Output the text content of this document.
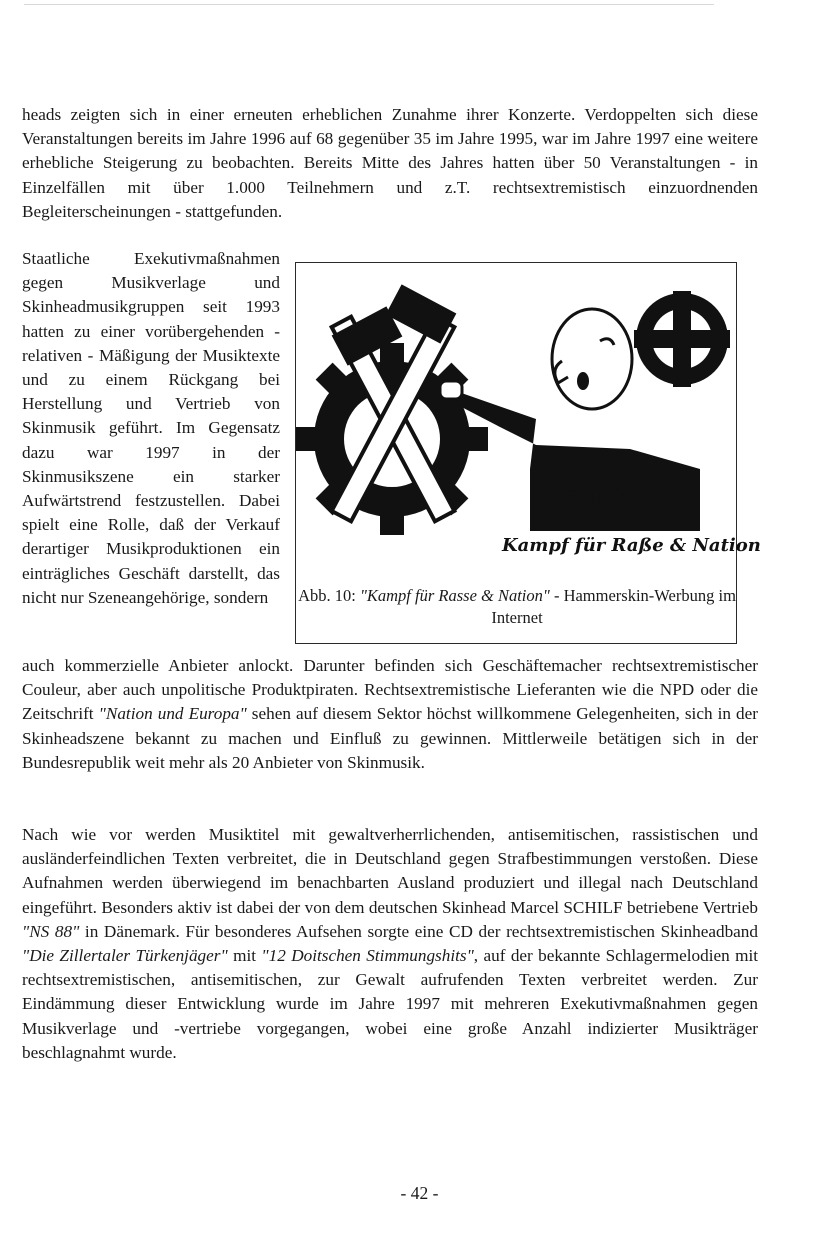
heads zeigten sich in einer erneuten erheblichen Zunahme ihrer Konzerte. Verdoppelten sich diese Veranstaltungen bereits im Jahre 1996 auf 68 gegenüber 35 im Jahre 1995, war im Jahre 1997 eine weitere erhebliche Steigerung zu beobachten. Bereits Mitte des Jahres hatten über 50 Veranstaltungen - in Einzelfällen mit über 1.000 Teilnehmern und z.T. rechtsextremistisch einzuordnenden Begleiterscheinungen - stattgefunden.

Staatliche Exekutivmaßnahmen gegen Musikverlage und Skinheadmusikgruppen seit 1993 hatten zu einer vorübergehenden - relativen - Mäßigung der Musiktexte und zu einem Rückgang bei Herstellung und Vertrieb von Skinmusik geführt. Im Gegensatz dazu war 1997 in der Skinmusikszene ein starker Aufwärtstrend festzustellen. Dabei spielt eine Rolle, daß der Verkauf derartiger Musikproduktionen ein einträgliches Geschäft darstellt, das nicht nur Szeneangehörige, sondern

SHS
Kampf für Raße & Nation
Abb. 10: "Kampf für Rasse & Nation" - Hammerskin-Werbung im Internet

auch kommerzielle Anbieter anlockt. Darunter befinden sich Geschäftemacher rechtsextremistischer Couleur, aber auch unpolitische Produktpiraten. Rechtsextremistische Lieferanten wie die NPD oder die Zeitschrift "Nation und Europa" sehen auf diesem Sektor höchst willkommene Gelegenheiten, sich in der Skinheadszene bekannt zu machen und Einfluß zu gewinnen. Mittlerweile betätigen sich in der Bundesrepublik weit mehr als 20 Anbieter von Skinmusik.

Nach wie vor werden Musiktitel mit gewaltverherrlichenden, antisemitischen, rassistischen und ausländerfeindlichen Texten verbreitet, die in Deutschland gegen Strafbestimmungen verstoßen. Diese Aufnahmen werden überwiegend im benachbarten Ausland produziert und illegal nach Deutschland eingeführt. Besonders aktiv ist dabei der von dem deutschen Skinhead Marcel SCHILF betriebene Vertrieb "NS 88" in Dänemark. Für besonderes Aufsehen sorgte eine CD der rechtsextremistischen Skinheadband "Die Zillertaler Türkenjäger" mit "12 Doitschen Stimmungshits", auf der bekannte Schlagermelodien mit rechtsextremistischen, antisemitischen, zur Gewalt aufrufenden Texten verbreitet werden. Zur Eindämmung dieser Entwicklung wurde im Jahre 1997 mit mehreren Exekutivmaßnahmen gegen Musikverlage und -vertriebe vorgegangen, wobei eine große Anzahl indizierter Musikträger beschlagnahmt wurde.

- 42 -
